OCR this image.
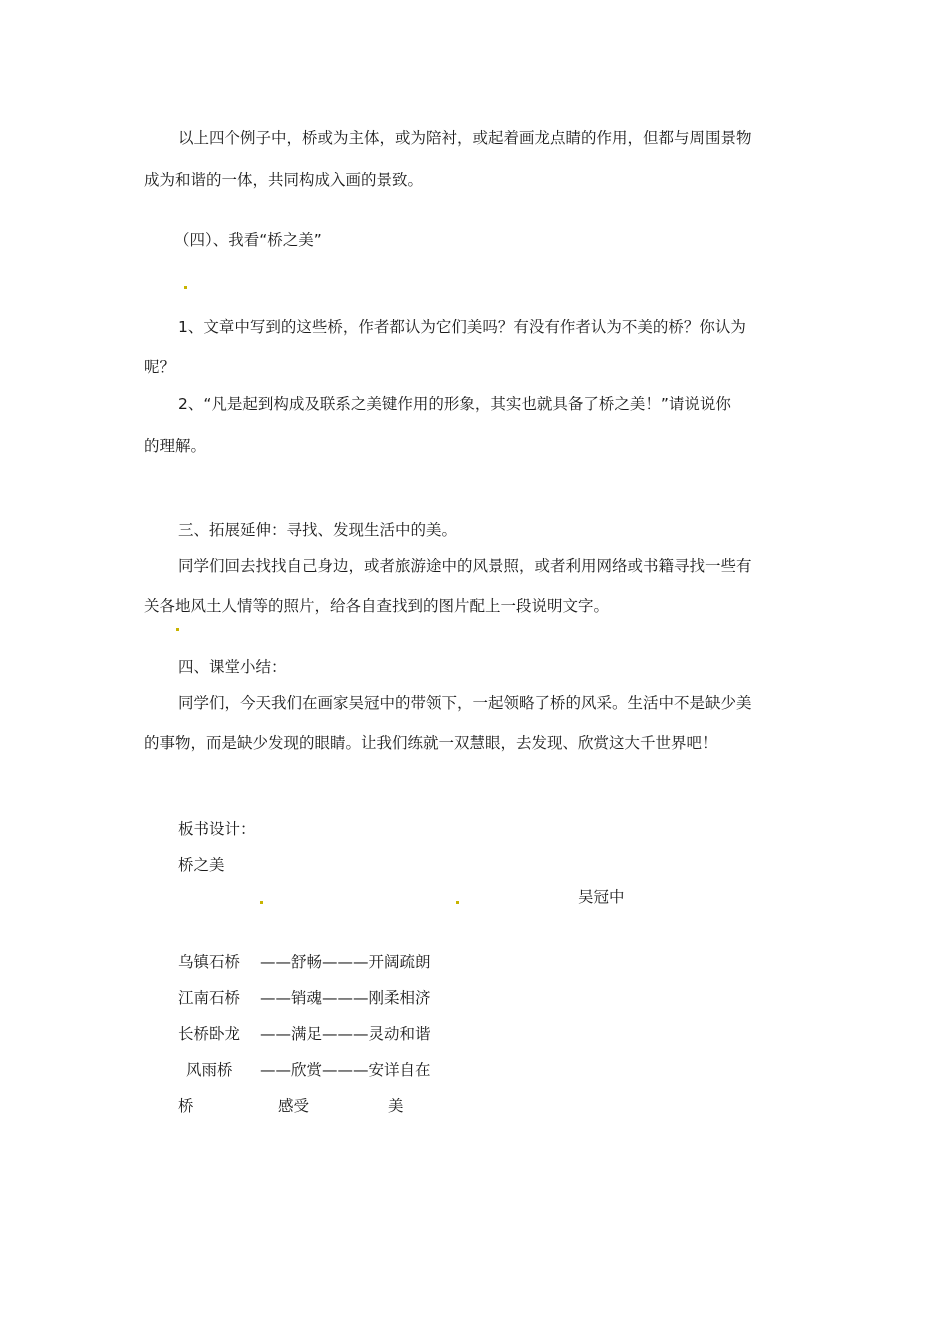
以上四个例子中，桥或为主体，或为陪衬，或起着画龙点睛的作用，但都与周围景物
成为和谐的一体，共同构成入画的景致。
（四）、我看“桥之美”
1、文章中写到的这些桥，作者都认为它们美吗？有没有作者认为不美的桥？你认为
呢？
2、“凡是起到构成及联系之美键作用的形象，其实也就具备了桥之美！”请说说你
的理解。
三、拓展延伸：寻找、发现生活中的美。
同学们回去找找自己身边，或者旅游途中的风景照，或者利用网络或书籍寻找一些有
关各地风土人情等的照片，给各自查找到的图片配上一段说明文字。
四、课堂小结：
同学们，今天我们在画家吴冠中的带领下，一起领略了桥的风采。生活中不是缺少美
的事物，而是缺少发现的眼睛。让我们练就一双慧眼，去发现、欣赏这大千世界吧！
板书设计：
桥之美
吴冠中
乌镇石桥 ——舒畅———开阔疏朗
江南石桥 ——销魂———刚柔相济
长桥卧龙 ——满足———灵动和谐
风雨桥 ——欣赏———安详自在
桥	感受	美
